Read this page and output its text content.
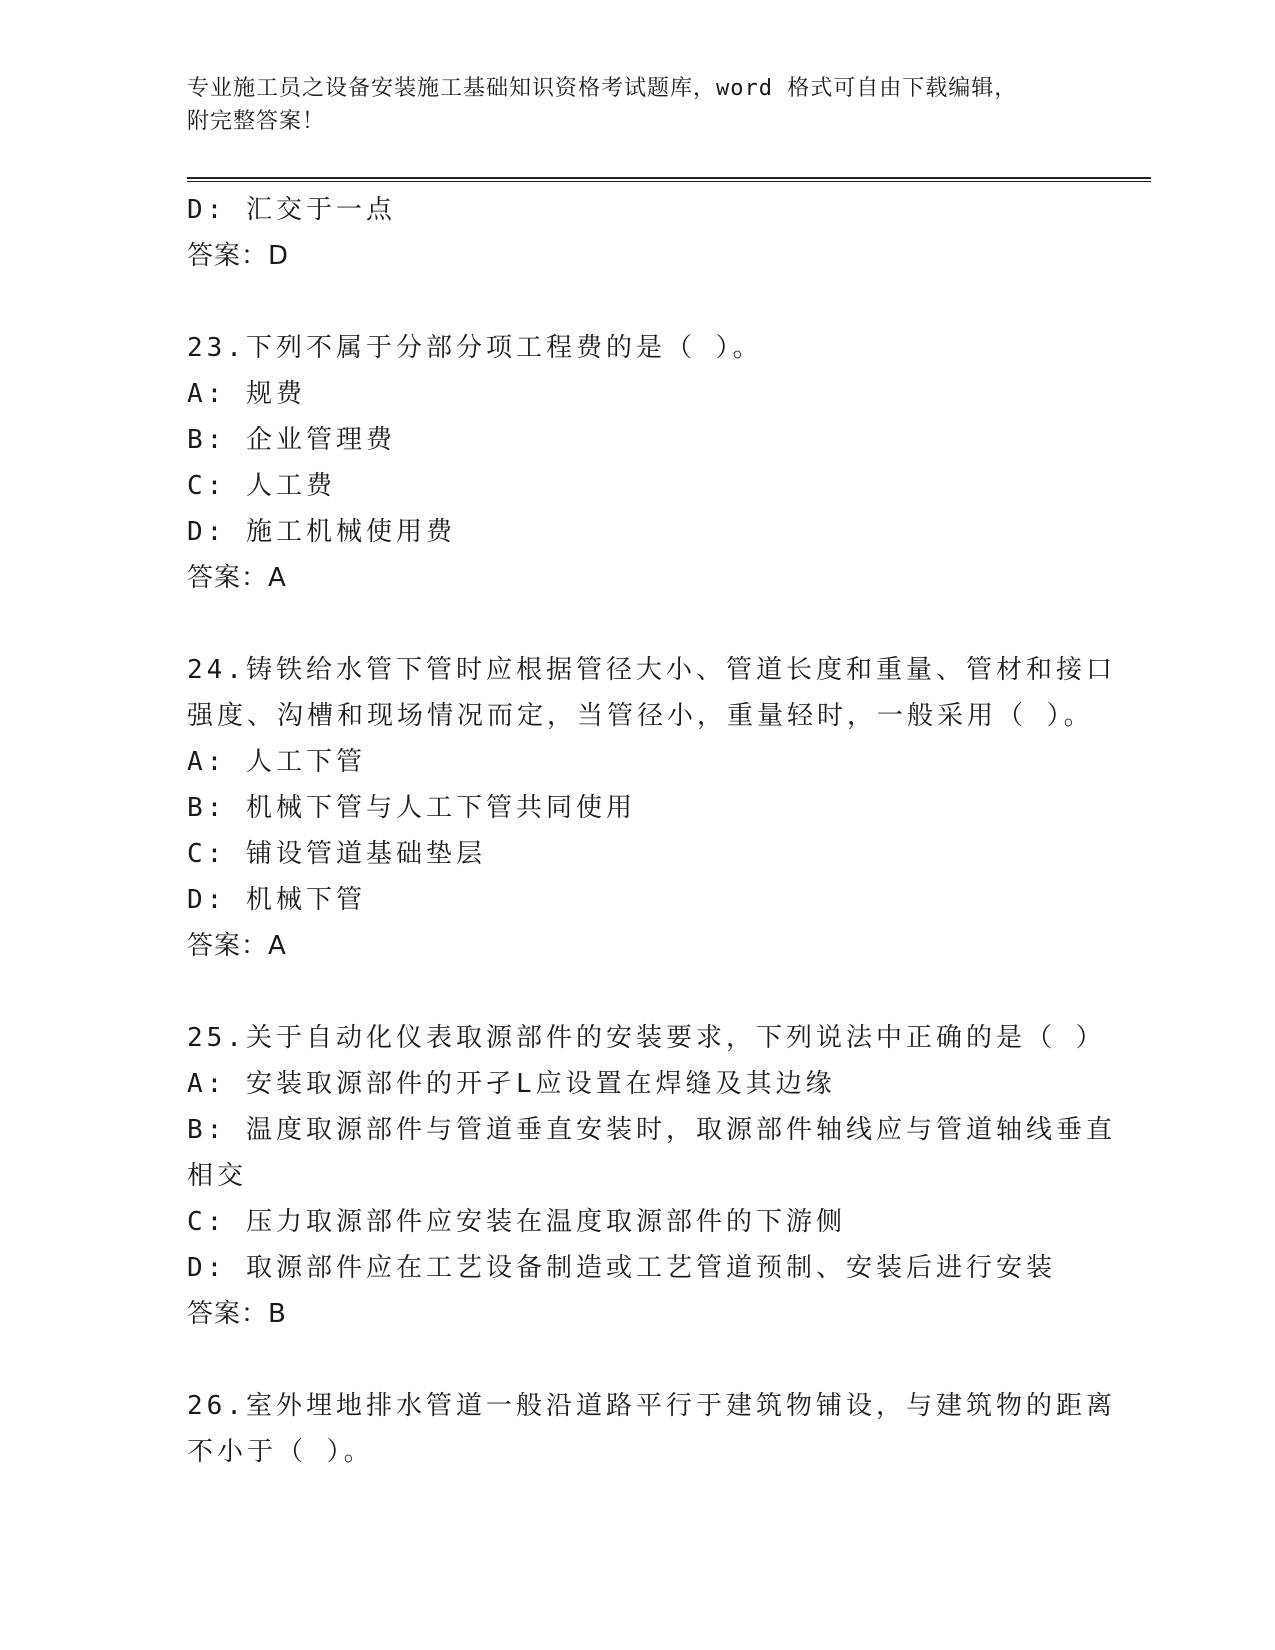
专业施工员之设备安装施工基础知识资格考试题库，word 格式可自由下载编辑，
附完整答案！
D: 汇交于一点
答案：D
23.下列不属于分部分项工程费的是（ ）。
A: 规费
B: 企业管理费
C: 人工费
D: 施工机械使用费
答案：A
24.铸铁给水管下管时应根据管径大小、管道长度和重量、管材和接口
强度、沟槽和现场情况而定，当管径小，重量轻时，一般采用（ ）。
A: 人工下管
B: 机械下管与人工下管共同使用
C: 铺设管道基础垫层
D: 机械下管
答案：A
25.关于自动化仪表取源部件的安装要求，下列说法中正确的是（ ）
A: 安装取源部件的开孑L应设置在焊缝及其边缘
B: 温度取源部件与管道垂直安装时，取源部件轴线应与管道轴线垂直
相交
C: 压力取源部件应安装在温度取源部件的下游侧
D: 取源部件应在工艺设备制造或工艺管道预制、安装后进行安装
答案：B
26.室外埋地排水管道一般沿道路平行于建筑物铺设，与建筑物的距离
不小于（ ）。
